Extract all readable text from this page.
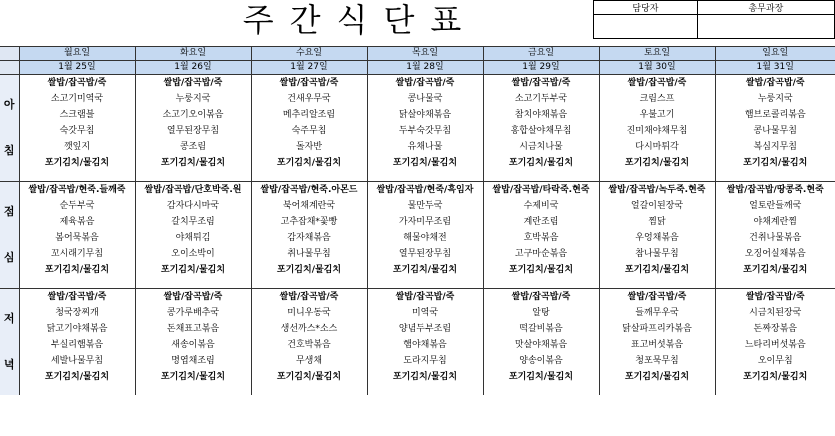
주간식단표	담당자	총무과장

	월요일	화요일	수요일	목요일	금요일	토요일	일요일
	1월 25일	1월 26일	1월 27일	1월 28일	1월 29일	1월 30일	1월 31일

아
침	쌀밥/잡곡밥/죽	쌀밥/잡곡밥/죽	쌀밥/잡곡밥/죽	쌀밥/잡곡밥/죽	쌀밥/잡곡밥/죽	쌀밥/잡곡밥/죽	쌀밥/잡곡밥/죽
	소고기미역국	누룽지국	건새우무국	콩나물국	소고기두부국	크림스프	누룽지국
	스크램블	소고기오이볶음	메추리알조림	닭살야채볶음	참치야채볶음	우불고기	햄브로콜리볶음
	숙갓무침	열무된장무침	숙주무침	두부숙갓무침	홍합살야채무침	진미채야채무침	콩나물무침
	깻잎지	콩조림	돌자반	유채나물	시금치나물	다시마튀각	복심지무침
	포기김치/물김치	포기김치/물김치	포기김치/물김치	포기김치/물김치	포기김치/물김치	포기김치/물김치	포기김치/물김치

점
심	쌀밥/잡곡밥/현죽.들깨죽	쌀밥/잡곡밥/단호박죽.원	쌀밥/잡곡밥/현죽.아몬드	쌀밥/잡곡밥/현죽/흑임자	쌀밥/잡곡밥/타락죽.현죽	쌀밥/잡곡밥/녹두죽.현죽	쌀밥/잡곡밥/땅콩죽.현죽
	순두부국	감자다시마국	북어채계란국	물만두국	수제비국	얼갈이된장국	얼토란들깨국
	제육볶음	갈치무조림	고추잡채*꽃빵	가자미무조림	계란조림	찜닭	야채계란찜
	봄어묵볶음	야채튀김	감자채볶음	해물야채전	호박볶음	우엉채볶음	건취나물볶음
	꼬시래기무침	오이소박이	취나물무침	열무된장무침	고구마순볶음	참나물무침	오징어실채볶음
	포기김치/물김치	포기김치/물김치	포기김치/물김치	포기김치/물김치	포기김치/물김치	포기김치/물김치	포기김치/물김치

저
녁	쌀밥/잡곡밥/죽	쌀밥/잡곡밥/죽	쌀밥/잡곡밥/죽	쌀밥/잡곡밥/죽	쌀밥/잡곡밥/죽	쌀밥/잡곡밥/죽	쌀밥/잡곡밥/죽
	청국장찌개	콩가루배추국	미니우동국	미역국	알탕	들깨무우국	시금치된장국
	닭고기야채볶음	돈채표고볶음	생선까스*소스	양념두부조림	떡갈비볶음	닭살파프리카볶음	돈짜장볶음
	부실리햄볶음	새송이볶음	건호박볶음	햄야채볶음	맛살야채볶음	표고버섯볶음	느타리버섯볶음
	세발나물무침	명엽채조림	무생채	도라지무침	양송이볶음	청포묵무침	오이무침
	포기김치/물김치	포기김치/물김치	포기김치/물김치	포기김치/물김치	포기김치/물김치	포기김치/물김치	포기김치/물김치
